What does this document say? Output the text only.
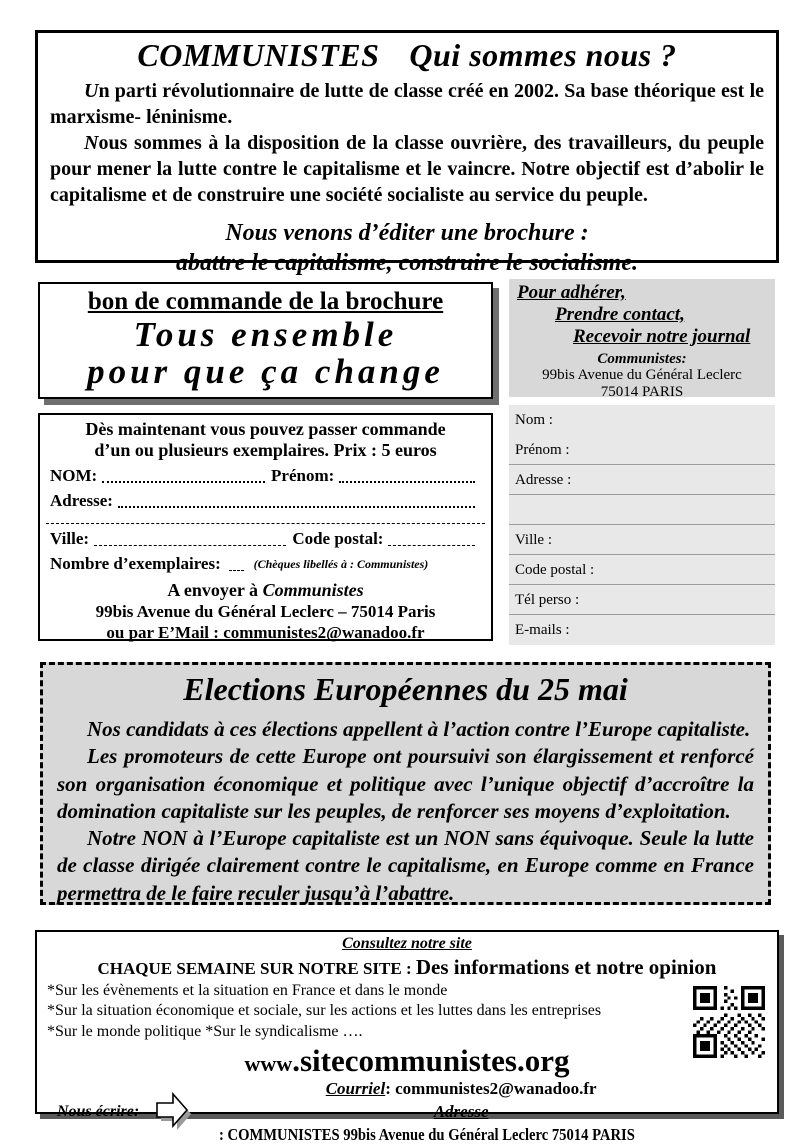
COMMUNISTES Qui sommes nous ?

Un parti révolutionnaire de lutte de classe créé en 2002. Sa base théorique est le marxisme- léninisme.

Nous sommes à la disposition de la classe ouvrière, des travailleurs, du peuple pour mener la lutte contre le capitalisme et le vaincre. Notre objectif est d’abolir le capitalisme et de construire une société socialiste au service du peuple.

Nous venons d’éditer une brochure :
abattre le capitalisme, construire le socialisme.
bon de commande de la brochure
Tous ensemble
pour que ça change
Pour adhérer,
Prendre contact,
Recevoir notre journal
Communistes:
99bis Avenue du Général Leclerc
75014 PARIS

Dès maintenant vous pouvez passer commande
d’un ou plusieurs exemplaires. Prix : 5 euros

NOM:	Prénom:
Adresse:
Ville:	Code postal:
Nombre d’exemplaires:	(Chèques libellés à : Communistes)
A envoyer à Communistes
99bis Avenue du Général Leclerc – 75014 Paris
ou par E’Mail : communistes2@wanadoo.fr
Nom :
Prénom :
Adresse :
Ville :
Code postal :
Tél perso :
E-mails :
Elections Européennes du 25 mai

Nos candidats à ces élections appellent à l’action contre l’Europe capitaliste.

Les promoteurs de cette Europe ont poursuivi son élargissement et renforcé son organisation économique et politique avec l’unique objectif d’accroître la domination capitaliste sur les peuples, de renforcer ses moyens d’exploitation.

Notre NON à l’Europe capitaliste est un NON sans équivoque. Seule la lutte de classe dirigée clairement contre le capitalisme, en Europe comme en France permettra de le faire reculer jusqu’à l’abattre.

Consultez notre site
CHAQUE SEMAINE SUR NOTRE SITE : Des informations et notre opinion
*Sur les évènements et la situation en France et dans le monde
*Sur la situation économique et sociale, sur les actions et les luttes dans les entreprises
*Sur le monde politique *Sur le syndicalisme ….
www.sitecommunistes.org
Nous écrire:
Courriel: communistes2@wanadoo.fr
Adresse: COMMUNISTES 99bis Avenue du Général Leclerc 75014 PARIS
